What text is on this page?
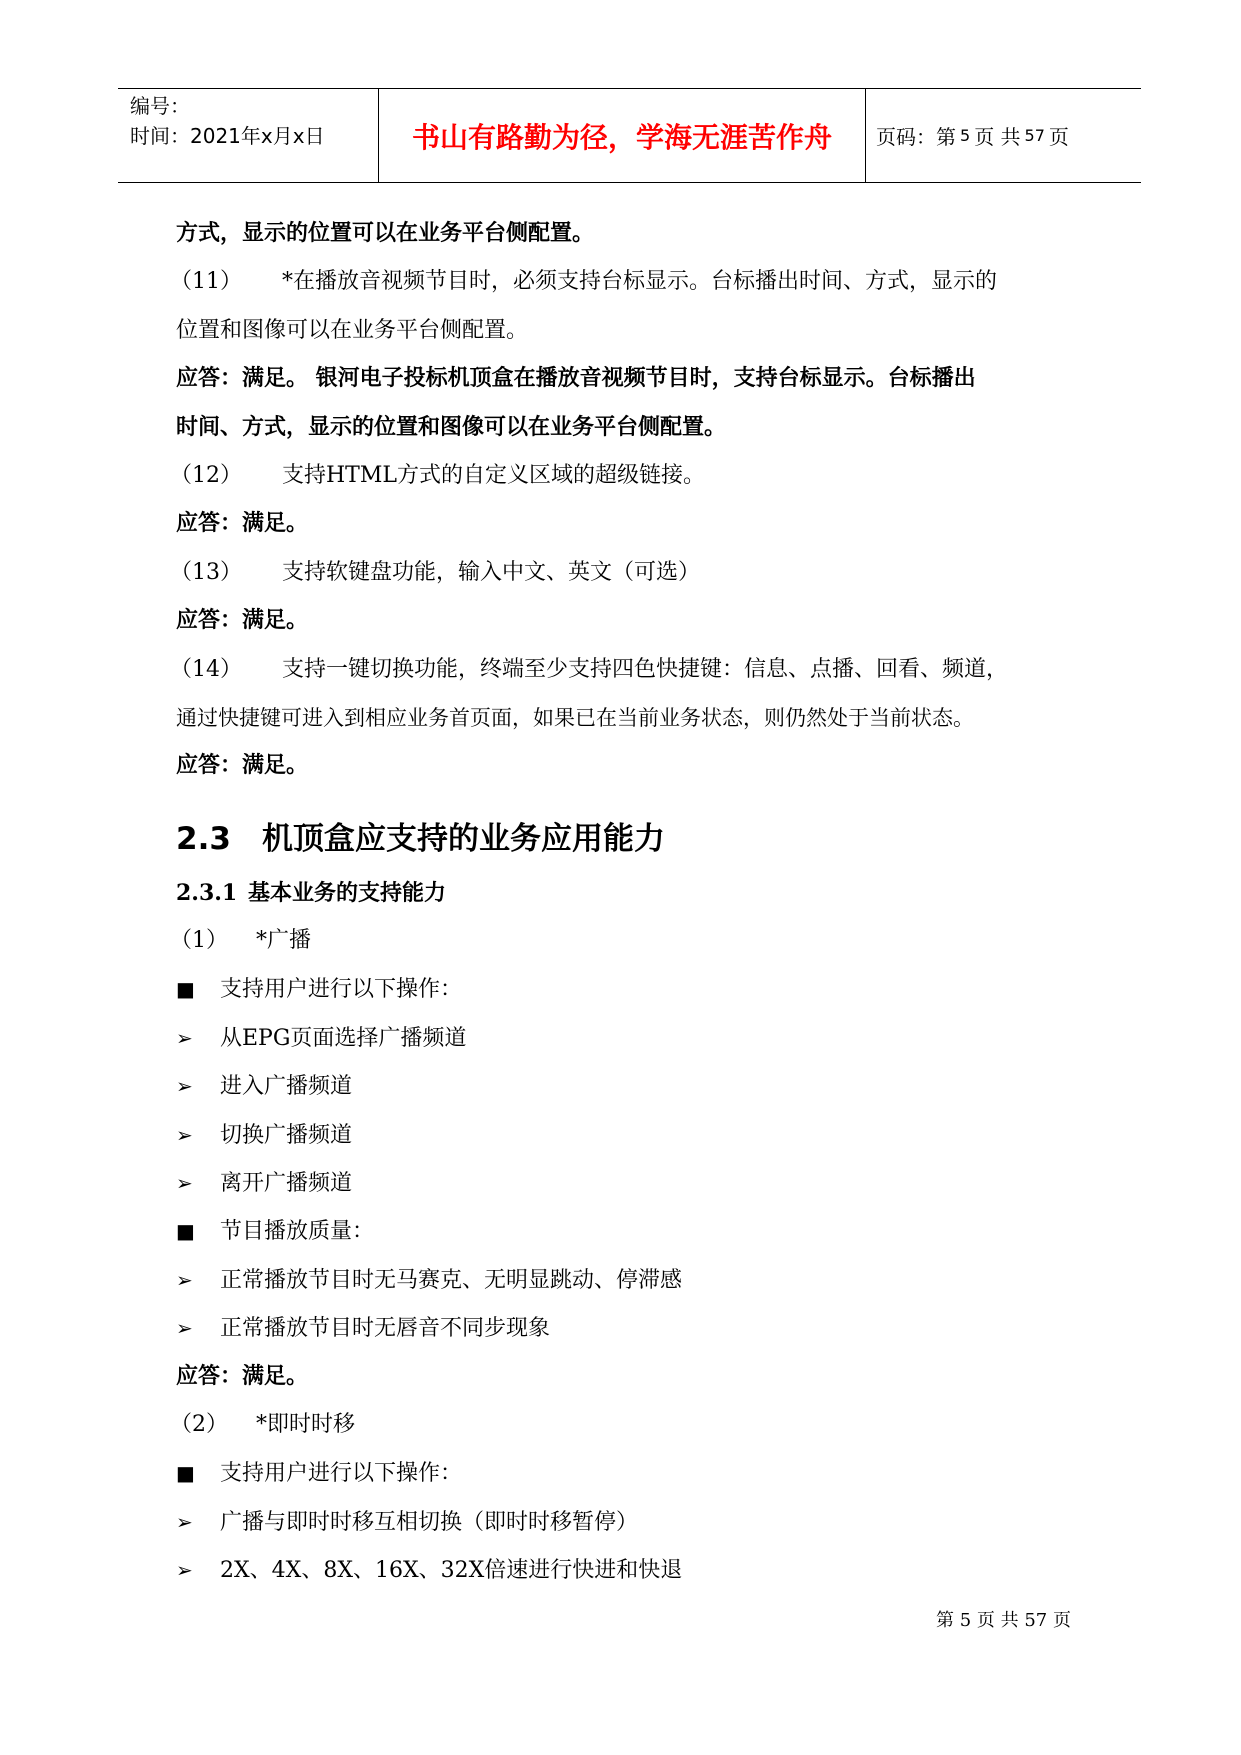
编号：
时间：2021年x月x日	书山有路勤为径，学海无涯苦作舟 页码：第 5 页 共 57 页
方式，显示的位置可以在业务平台侧配置。
（11） *在播放音视频节目时，必须支持台标显示。台标播出时间、方式，显示的
位置和图像可以在业务平台侧配置。
应答：满足。 银河电子投标机顶盒在播放音视频节目时，支持台标显示。台标播出
时间、方式，显示的位置和图像可以在业务平台侧配置。
（12） 支持HTML方式的自定义区域的超级链接。
应答：满足。
（13） 支持软键盘功能，输入中文、英文（可选）
应答：满足。
（14） 支持一键切换功能，终端至少支持四色快捷键：信息、点播、回看、频道，
通过快捷键可进入到相应业务首页面，如果已在当前业务状态，则仍然处于当前状态。
应答：满足。
2.3 机顶盒应支持的业务应用能力
2.3.1 基本业务的支持能力
（1） *广播
■ 支持用户进行以下操作：
➢ 从EPG页面选择广播频道
➢ 进入广播频道
➢ 切换广播频道
➢ 离开广播频道
■ 节目播放质量：
➢ 正常播放节目时无马赛克、无明显跳动、停滞感
➢ 正常播放节目时无唇音不同步现象
应答：满足。
（2） *即时时移
■ 支持用户进行以下操作：
➢ 广播与即时时移互相切换（即时时移暂停）
➢ 2X、4X、8X、16X、32X倍速进行快进和快退
第 5 页 共 57 页
